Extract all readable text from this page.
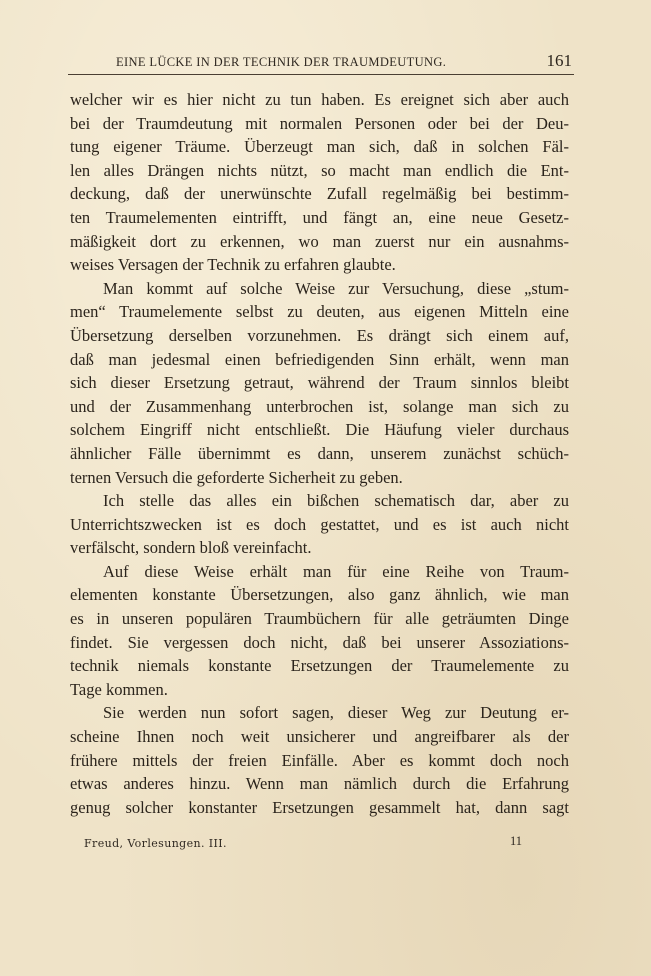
EINE LÜCKE IN DER TECHNIK DER TRAUMDEUTUNG.	161
welcher wir es hier nicht zu tun haben. Es ereignet sich aber auch
bei der Traumdeutung mit normalen Personen oder bei der Deu-
tung eigener Träume. Überzeugt man sich, daß in solchen Fäl-
len alles Drängen nichts nützt, so macht man endlich die Ent-
deckung, daß der unerwünschte Zufall regelmäßig bei bestimm-
ten Traumelementen eintrifft, und fängt an, eine neue Gesetz-
mäßigkeit dort zu erkennen, wo man zuerst nur ein ausnahms-
weises Versagen der Technik zu erfahren glaubte.
Man kommt auf solche Weise zur Versuchung, diese „stum-
men“ Traumelemente selbst zu deuten, aus eigenen Mitteln eine
Übersetzung derselben vorzunehmen. Es drängt sich einem auf,
daß man jedesmal einen befriedigenden Sinn erhält, wenn man
sich dieser Ersetzung getraut, während der Traum sinnlos bleibt
und der Zusammenhang unterbrochen ist, solange man sich zu
solchem Eingriff nicht entschließt. Die Häufung vieler durchaus
ähnlicher Fälle übernimmt es dann, unserem zunächst schüch-
ternen Versuch die geforderte Sicherheit zu geben.
Ich stelle das alles ein bißchen schematisch dar, aber zu
Unterrichtszwecken ist es doch gestattet, und es ist auch nicht
verfälscht, sondern bloß vereinfacht.
Auf diese Weise erhält man für eine Reihe von Traum-
elementen konstante Übersetzungen, also ganz ähnlich, wie man
es in unseren populären Traumbüchern für alle geträumten Dinge
findet. Sie vergessen doch nicht, daß bei unserer Assoziations-
technik niemals konstante Ersetzungen der Traumelemente zu
Tage kommen.
Sie werden nun sofort sagen, dieser Weg zur Deutung er-
scheine Ihnen noch weit unsicherer und angreifbarer als der
frühere mittels der freien Einfälle. Aber es kommt doch noch
etwas anderes hinzu. Wenn man nämlich durch die Erfahrung
genug solcher konstanter Ersetzungen gesammelt hat, dann sagt
Freud, Vorlesungen. III.	11
